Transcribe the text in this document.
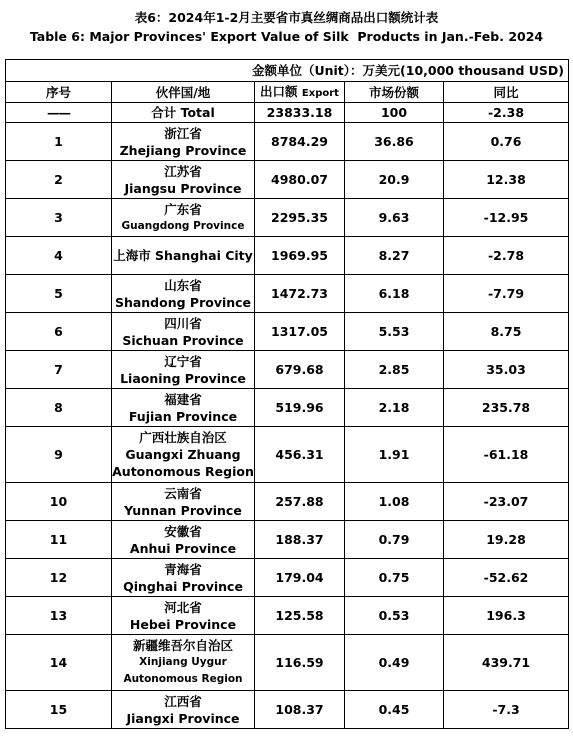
表6：2024年1-2月主要省市真丝绸商品出口额统计表
Table 6: Major Provinces' Export Value of Silk  Products in Jan.-Feb. 2024
金额单位（Unit）：万美元(10,000 thousand USD)				
序号	伙伴国/地	出口额 Export	市场份额	同比
——	合计 Total	23833.18	100	-2.38
1	浙江省
Zhejiang Province	8784.29	36.86	0.76
2	江苏省
Jiangsu Province	4980.07	20.9	12.38
3	广东省
Guangdong Province	2295.35	9.63	-12.95
4	上海市 Shanghai City	1969.95	8.27	-2.78
5	山东省
Shandong Province	1472.73	6.18	-7.79
6	四川省
Sichuan Province	1317.05	5.53	8.75
7	辽宁省
Liaoning Province	679.68	2.85	35.03
8	福建省
Fujian Province	519.96	2.18	235.78
9	广西壮族自治区
Guangxi Zhuang
Autonomous Region	456.31	1.91	-61.18
10	云南省
Yunnan Province	257.88	1.08	-23.07
11	安徽省
Anhui Province	188.37	0.79	19.28
12	青海省
Qinghai Province	179.04	0.75	-52.62
13	河北省
Hebei Province	125.58	0.53	196.3
14	新疆维吾尔自治区
Xinjiang Uygur
Autonomous Region	116.59	0.49	439.71
15	江西省
Jiangxi Province	108.37	0.45	-7.3
